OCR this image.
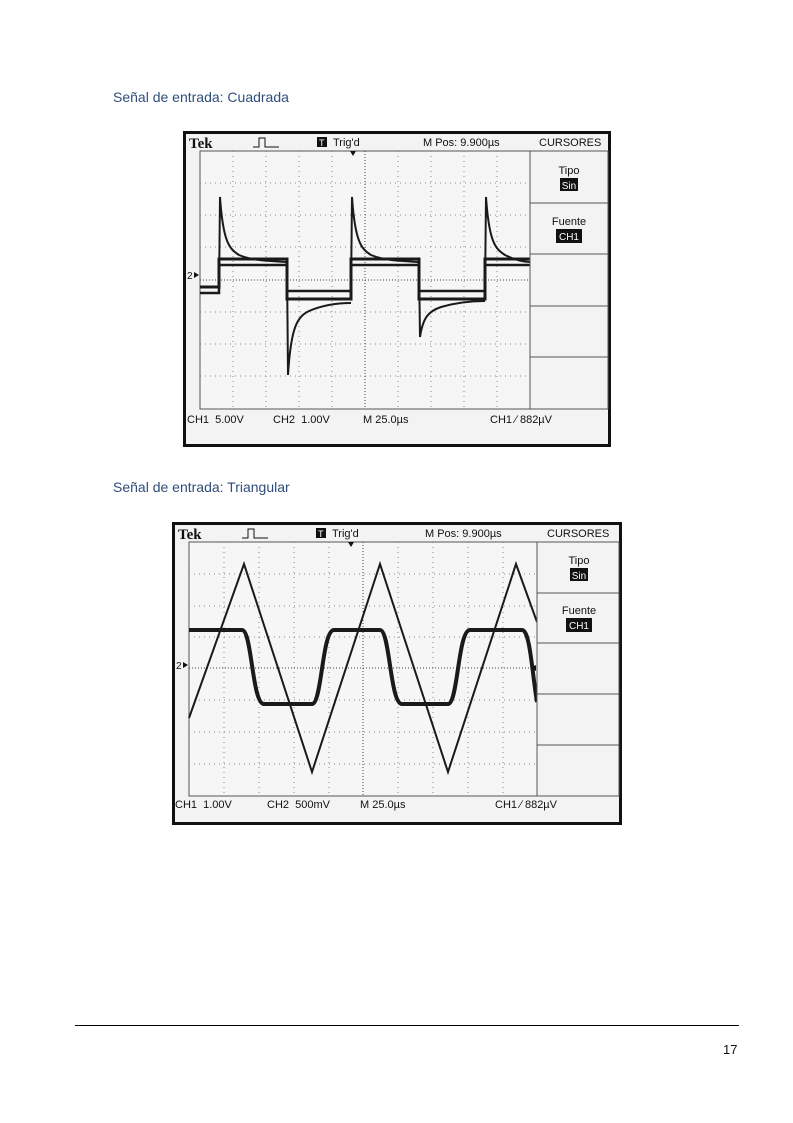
Señal de entrada: Cuadrada
2
Tek	T Trig'd	M Pos: 9.900µs	CURSORES
Tipo
Sin
Fuente
CH1
CH1  5.00V	CH2  1.00V	M 25.0µs	CH1 ∕ 882µV
Señal de entrada: Triangular
2
Tek	T Trig'd	M Pos: 9.900µs	CURSORES
Tipo
Sin
Fuente
CH1
CH1  1.00V	CH2  500mV	M 25.0µs	CH1 ∕ 882µV
17
